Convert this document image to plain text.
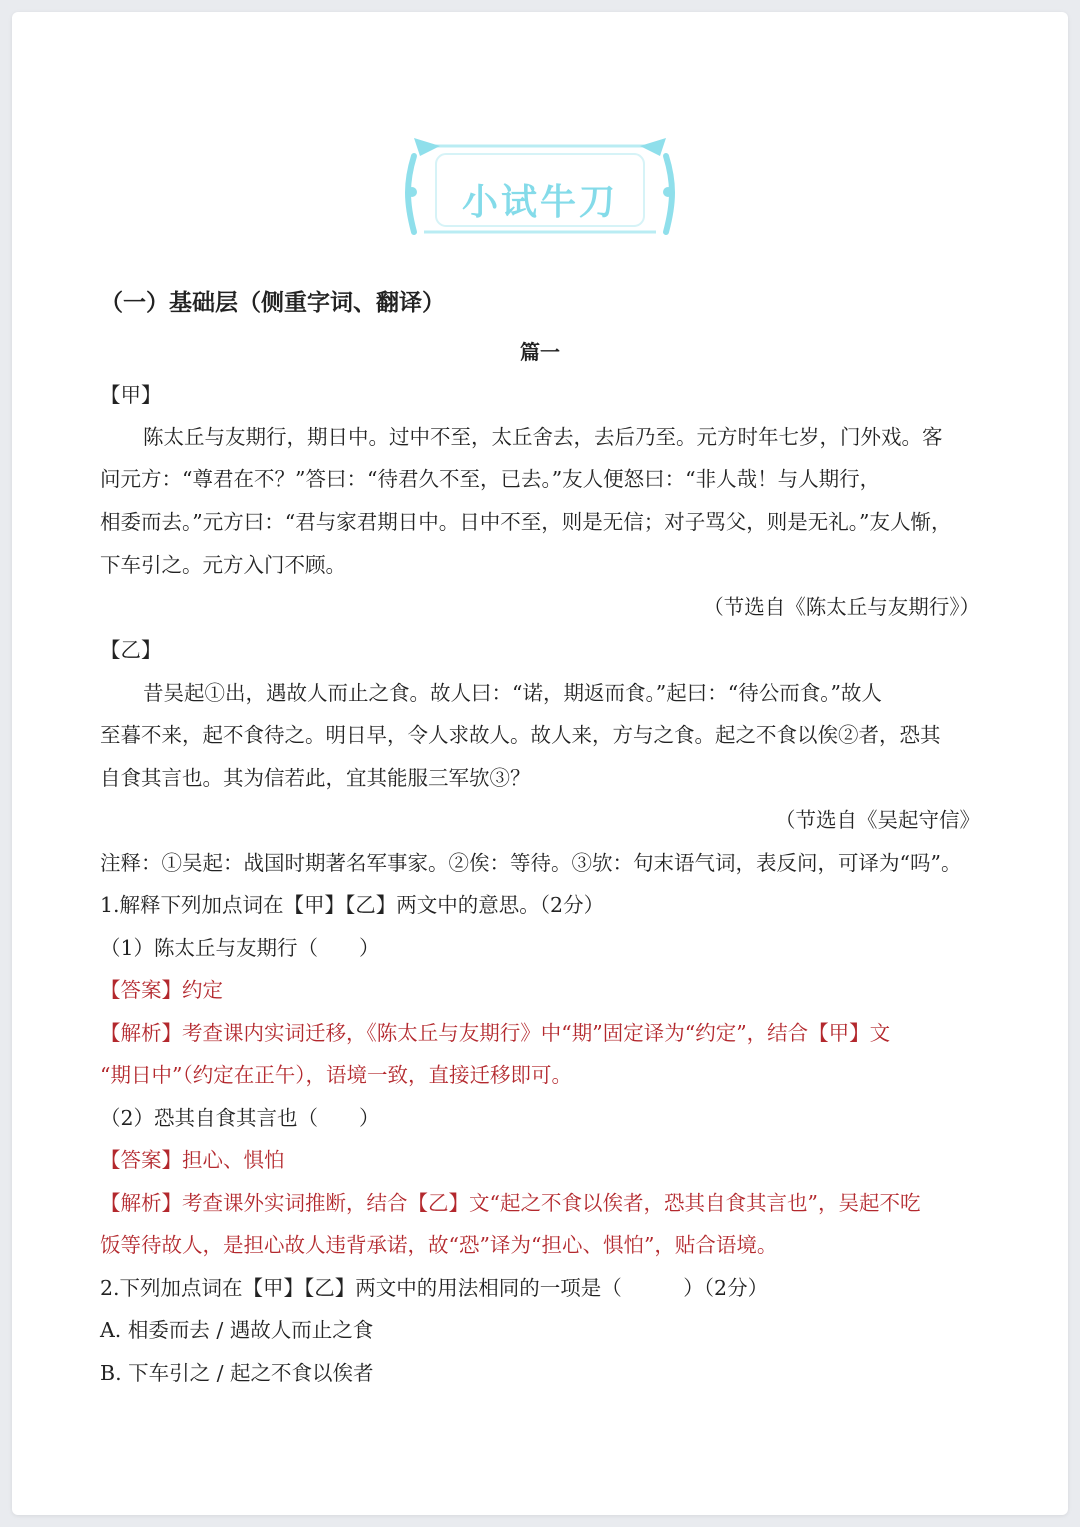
小试牛刀
（一）基础层（侧重字词、翻译）
篇一
【甲】
陈太丘与友期行，期日中。过中不至，太丘舍去，去后乃至。元方时年七岁，门外戏。客
问元方：“尊君在不？”答曰：“待君久不至，已去。”友人便怒曰：“非人哉！与人期行，
相委而去。”元方曰：“君与家君期日中。日中不至，则是无信；对子骂父，则是无礼。”友人惭，
下车引之。元方入门不顾。
（节选自《陈太丘与友期行》）
【乙】
昔吴起①出，遇故人而止之食。故人曰：“诺，期返而食。”起曰：“待公而食。”故人
至暮不来，起不食待之。明日早，令人求故人。故人来，方与之食。起之不食以俟②者，恐其
自食其言也。其为信若此，宜其能服三军欤③？
（节选自《吴起守信》
注释：①吴起：战国时期著名军事家。②俟：等待。③欤：句末语气词，表反问，可译为“吗”。
1.解释下列加点词在【甲】【乙】两文中的意思。（2分）
（1）陈太丘与友期行（　　）
【答案】约定
【解析】考查课内实词迁移，《陈太丘与友期行》中“期”固定译为“约定”，结合【甲】文
“期日中”（约定在正午），语境一致，直接迁移即可。
（2）恐其自食其言也（　　）
【答案】担心、惧怕
【解析】考查课外实词推断，结合【乙】文“起之不食以俟者，恐其自食其言也”，吴起不吃
饭等待故人，是担心故人违背承诺，故“恐”译为“担心、惧怕”，贴合语境。
2.下列加点词在【甲】【乙】两文中的用法相同的一项是（　　　）（2分）
A. 相委而去 / 遇故人而止之食
B. 下车引之 / 起之不食以俟者
